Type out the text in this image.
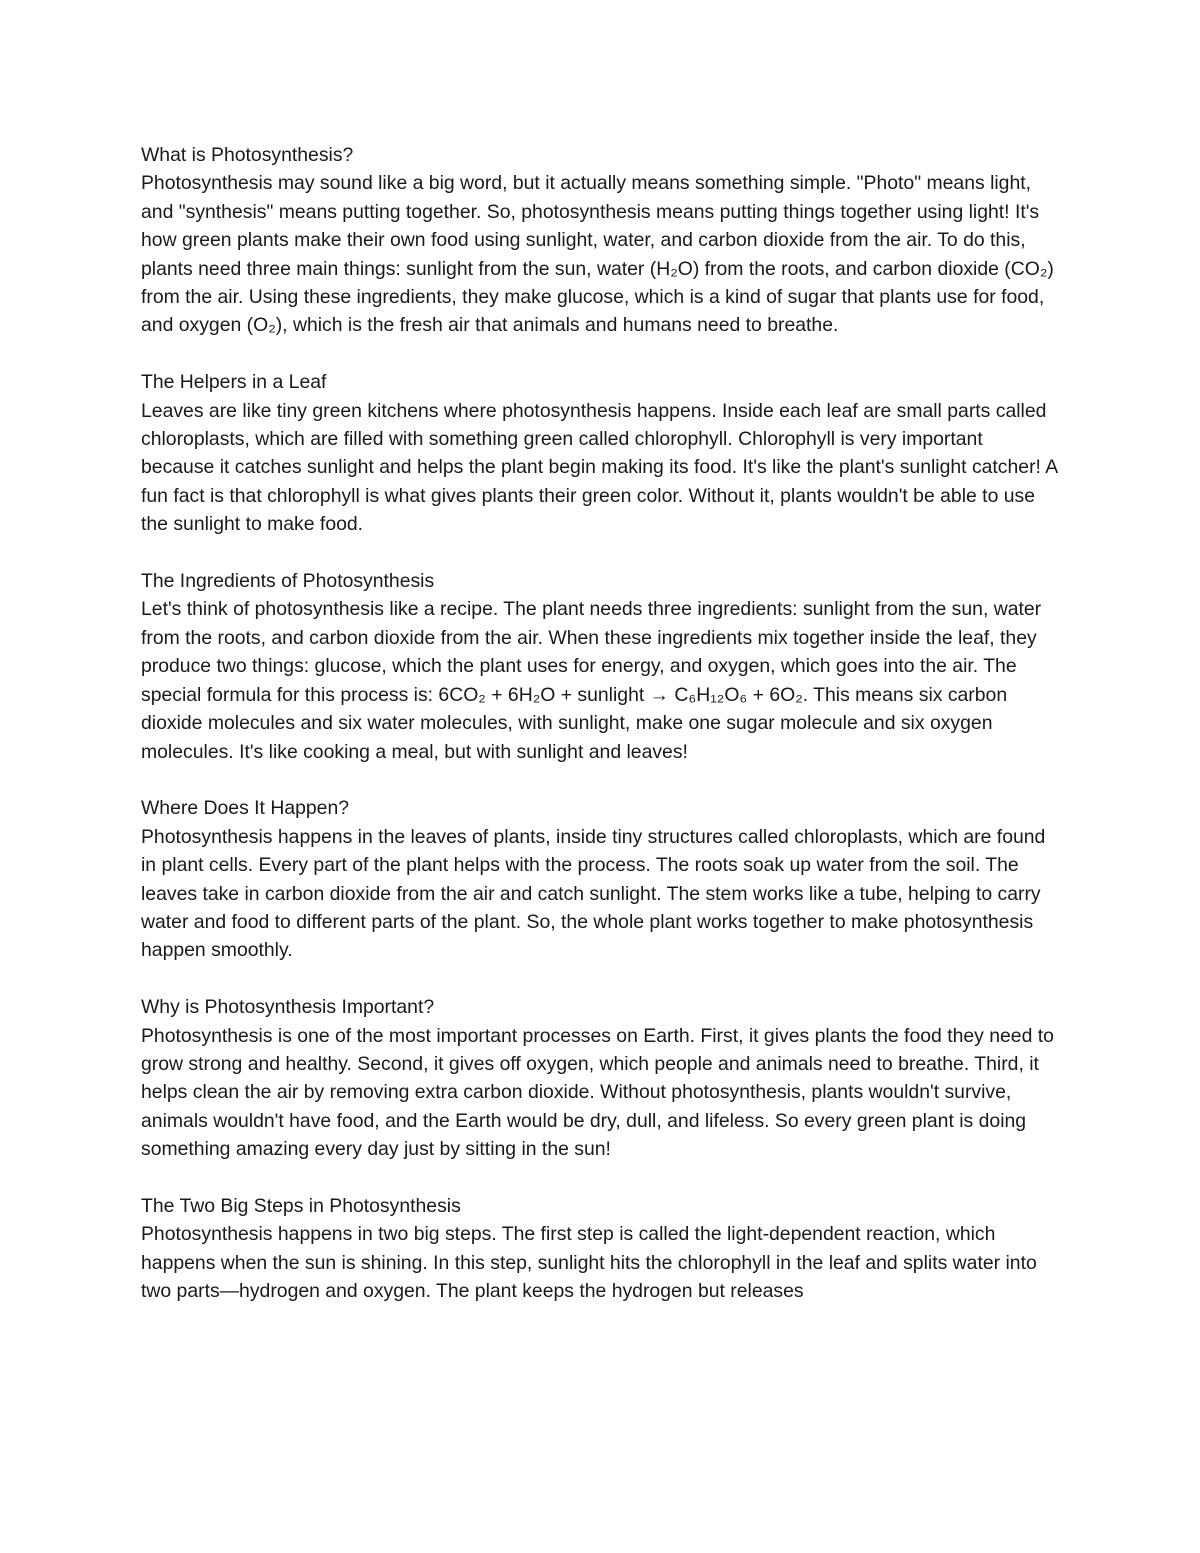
What is Photosynthesis?

Photosynthesis may sound like a big word, but it actually means something simple. "Photo" means light, and "synthesis" means putting together. So, photosynthesis means putting things together using light! It's how green plants make their own food using sunlight, water, and carbon dioxide from the air. To do this, plants need three main things: sunlight from the sun, water (H₂O) from the roots, and carbon dioxide (CO₂) from the air. Using these ingredients, they make glucose, which is a kind of sugar that plants use for food, and oxygen (O₂), which is the fresh air that animals and humans need to breathe.

The Helpers in a Leaf

Leaves are like tiny green kitchens where photosynthesis happens. Inside each leaf are small parts called chloroplasts, which are filled with something green called chlorophyll. Chlorophyll is very important because it catches sunlight and helps the plant begin making its food. It's like the plant's sunlight catcher! A fun fact is that chlorophyll is what gives plants their green color. Without it, plants wouldn't be able to use the sunlight to make food.

The Ingredients of Photosynthesis

Let's think of photosynthesis like a recipe. The plant needs three ingredients: sunlight from the sun, water from the roots, and carbon dioxide from the air. When these ingredients mix together inside the leaf, they produce two things: glucose, which the plant uses for energy, and oxygen, which goes into the air. The special formula for this process is: 6CO₂ + 6H₂O + sunlight → C₆H₁₂O₆ + 6O₂. This means six carbon dioxide molecules and six water molecules, with sunlight, make one sugar molecule and six oxygen molecules. It's like cooking a meal, but with sunlight and leaves!

Where Does It Happen?

Photosynthesis happens in the leaves of plants, inside tiny structures called chloroplasts, which are found in plant cells. Every part of the plant helps with the process. The roots soak up water from the soil. The leaves take in carbon dioxide from the air and catch sunlight. The stem works like a tube, helping to carry water and food to different parts of the plant. So, the whole plant works together to make photosynthesis happen smoothly.

Why is Photosynthesis Important?

Photosynthesis is one of the most important processes on Earth. First, it gives plants the food they need to grow strong and healthy. Second, it gives off oxygen, which people and animals need to breathe. Third, it helps clean the air by removing extra carbon dioxide. Without photosynthesis, plants wouldn't survive, animals wouldn't have food, and the Earth would be dry, dull, and lifeless. So every green plant is doing something amazing every day just by sitting in the sun!

The Two Big Steps in Photosynthesis

Photosynthesis happens in two big steps. The first step is called the light-dependent reaction, which happens when the sun is shining. In this step, sunlight hits the chlorophyll in the leaf and splits water into two parts—hydrogen and oxygen. The plant keeps the hydrogen but releases
